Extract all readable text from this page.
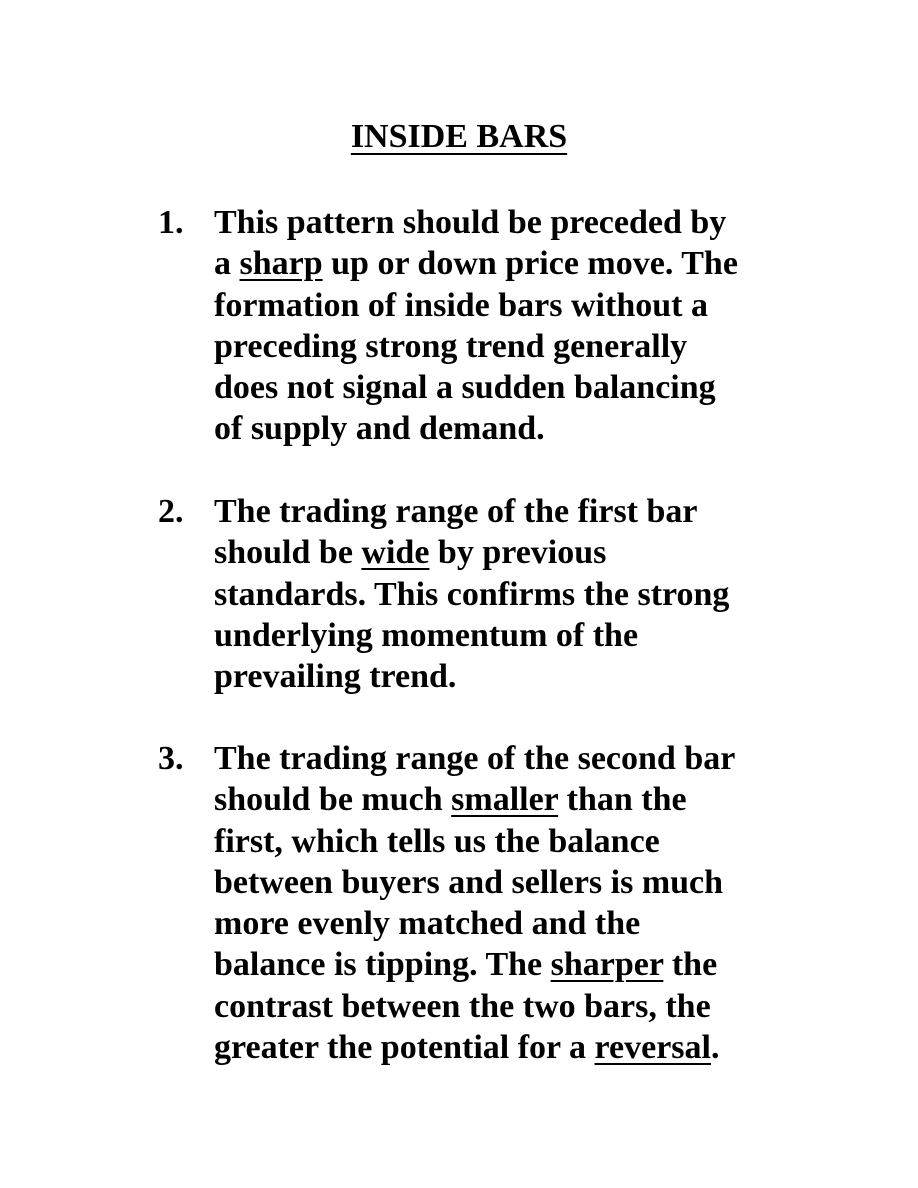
INSIDE BARS
1. This pattern should be preceded by
a sharp up or down price move. The
formation of inside bars without a
preceding strong trend generally
does not signal a sudden balancing
of supply and demand.
2. The trading range of the first bar
should be wide by previous
standards. This confirms the strong
underlying momentum of the
prevailing trend.
3. The trading range of the second bar
should be much smaller than the
first, which tells us the balance
between buyers and sellers is much
more evenly matched and the
balance is tipping. The sharper the
contrast between the two bars, the
greater the potential for a reversal.
